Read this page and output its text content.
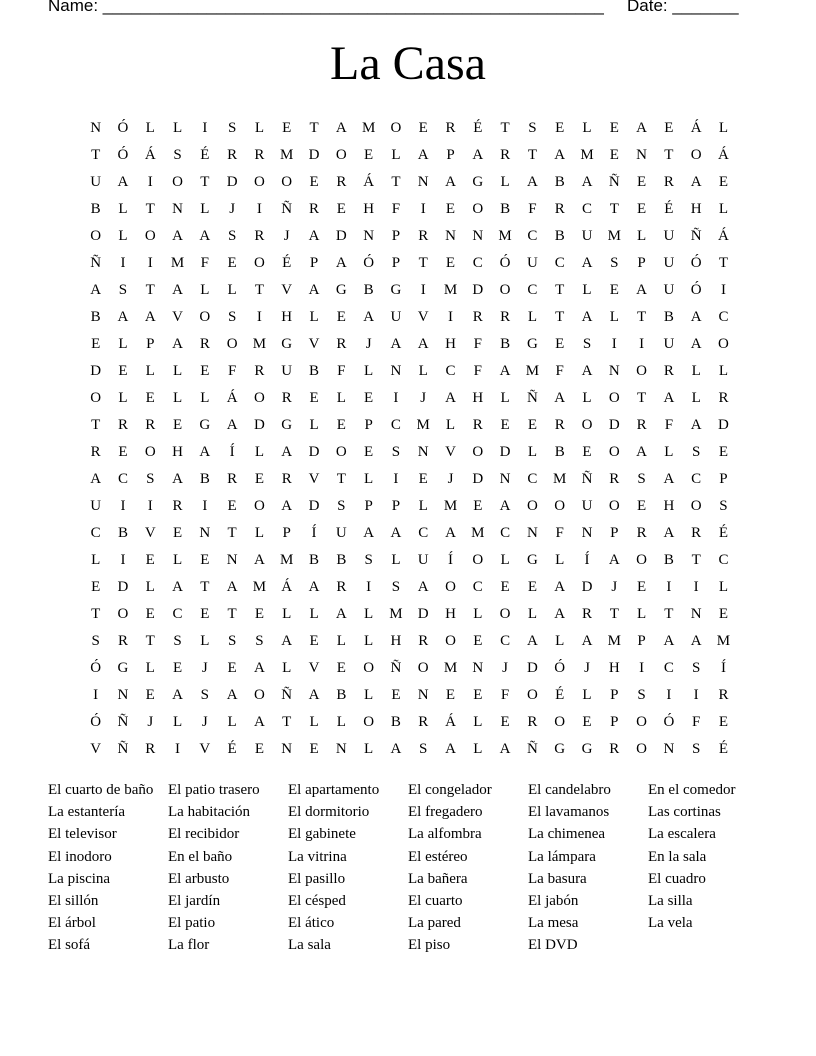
Name: _____________________________________________________ Date: _______
La Casa
N	Ó	L	L	I	S	L	E	T	A	M	O	E	R	É	T	S	E	L	E	A	E	Á	L
T	Ó	Á	S	É	R	R	M	D	O	E	L	A	P	A	R	T	A	M	E	N	T	O	Á
U	A	I	O	T	D	O	O	E	R	Á	T	N	A	G	L	A	B	A	Ñ	E	R	A	E
B	L	T	N	L	J	I	Ñ	R	E	H	F	I	E	O	B	F	R	C	T	E	É	H	L
O	L	O	A	A	S	R	J	A	D	N	P	R	N	N	M	C	B	U	M	L	U	Ñ	Á
Ñ	I	I	M	F	E	O	É	P	A	Ó	P	T	E	C	Ó	U	C	A	S	P	U	Ó	T
A	S	T	A	L	L	T	V	A	G	B	G	I	M	D	O	C	T	L	E	A	U	Ó	I
B	A	A	V	O	S	I	H	L	E	A	U	V	I	R	R	L	T	A	L	T	B	A	C
E	L	P	A	R	O	M	G	V	R	J	A	A	H	F	B	G	E	S	I	I	U	A	O
D	E	L	L	E	F	R	U	B	F	L	N	L	C	F	A	M	F	A	N	O	R	L	L
O	L	E	L	L	Á	O	R	E	L	E	I	J	A	H	L	Ñ	A	L	O	T	A	L	R
T	R	R	E	G	A	D	G	L	E	P	C	M	L	R	E	E	R	O	D	R	F	A	D
R	E	O	H	A	Í	L	A	D	O	E	S	N	V	O	D	L	B	E	O	A	L	S	E
A	C	S	A	B	R	E	R	V	T	L	I	E	J	D	N	C	M	Ñ	R	S	A	C	P
U	I	I	R	I	E	O	A	D	S	P	P	L	M	E	A	O	O	U	O	E	H	O	S
C	B	V	E	N	T	L	P	Í	U	A	A	C	A	M	C	N	F	N	P	R	A	R	É
L	I	E	L	E	N	A	M	B	B	S	L	U	Í	O	L	G	L	Í	A	O	B	T	C
E	D	L	A	T	A	M	Á	A	R	I	S	A	O	C	E	E	A	D	J	E	I	I	L
T	O	E	C	E	T	E	L	L	A	L	M	D	H	L	O	L	A	R	T	L	T	N	E
S	R	T	S	L	S	S	A	E	L	L	H	R	O	E	C	A	L	A	M	P	A	A	M
Ó	G	L	E	J	E	A	L	V	E	O	Ñ	O	M	N	J	D	Ó	J	H	I	C	S	Í
I	N	E	A	S	A	O	Ñ	A	B	L	E	N	E	E	F	O	É	L	P	S	I	I	R
Ó	Ñ	J	L	J	L	A	T	L	L	O	B	R	Á	L	E	R	O	E	P	O	Ó	F	E
V	Ñ	R	I	V	É	E	N	E	N	L	A	S	A	L	A	Ñ	G	G	R	O	N	S	É
El cuarto de baño
La estantería
El televisor
El inodoro
La piscina
El sillón
El árbol
El sofá
El patio trasero
La habitación
El recibidor
En el baño
El arbusto
El jardín
El patio
La flor
El apartamento
El dormitorio
El gabinete
La vitrina
El pasillo
El césped
El ático
La sala
El congelador
El fregadero
La alfombra
El estéreo
La bañera
El cuarto
La pared
El piso
El candelabro
El lavamanos
La chimenea
La lámpara
La basura
El jabón
La mesa
El DVD
En el comedor
Las cortinas
La escalera
En la sala
El cuadro
La silla
La vela
